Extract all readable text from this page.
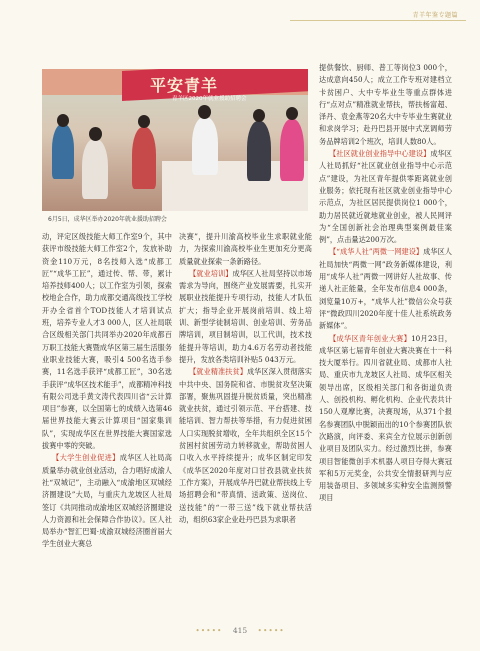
青羊年鉴专题篇
平安青羊
青羊区2020年就业援助招聘会
6月5日，成华区举办2020年就业援助招聘会

动，评定区级技能大师工作室9个，其中获评市级技能大师工作室2个，发放补助资金110万元，8名技师入选“成都工匠”“成华工匠”，通过传、帮、带，累计培养技师400人；以工作室为引领，探索校地企合作，助力成都交通高级技工学校开办全省首个TOD技能人才培训试点班，培养专业人才3 000人，区人社局联合区级相关部门共同举办2020年成都百万职工技能大赛暨成华区第三届生活服务业职业技能大赛，吸引4 500名选手参赛，11名选手获评“成都工匠”，30名选手获评“成华区技术能手”，成都精冲科技有限公司选手黄文涛代表四川省“云计算项目”参赛，以全国第七的成绩入选第46届世界技能大赛云计算项目“国家集训队”，实现成华区在世界技能大赛国家选拔赛中零的突破。

【大学生创业促进】成华区人社局高质量举办就业创业活动，合力唱好成渝人社“双城记”，主动融入“成渝地区双城经济圈建设”大局，与重庆九龙坡区人社局签订《共同推动成渝地区双城经济圈建设人力资源和社会保障合作协议》。区人社局举办“智汇巴蜀·成渝双城经济圈首届大学生创业大赛总

决赛”，提升川渝高校毕业生求职就业能力，为探索川渝高校毕业生更加充分更高质量就业探索一条新路径。

【就业培训】成华区人社局坚持以市场需求为导向，围绕产业发展需要，扎实开展职业技能提升专项行动，技能人才队伍扩大；指导企业开展岗前培训、线上培训、新型学徒制培训、创业培训、劳务品牌培训，项目制培训，以工代训，技术技能提升等培训，助力4.6万名劳动者技能提升，发放各类培训补贴5 043万元。

【就业精准扶贫】成华区深入贯彻落实中共中央、国务院和省、市脱贫攻坚决策部署，聚焦巩固提升脱贫质量，突出精准就业扶贫，通过引领示范、平台搭建、技能培训、智力帮扶等举措，有力促进贫困人口实现脱贫增收，全年共组织全区15个贫困村贫困劳动力转移就业，帮助贫困人口收入水平持续提升；成华区制定印发《成华区2020年度对口甘孜县就业扶贫工作方案》，开展成华丹巴就业帮扶线上专场招聘会和“带真情、送政策、送岗位、送技能”的“一带三送”线下就业帮扶活动，组织63家企业赴丹巴县为求职者

提供餐饮、厨师、普工等岗位3 000个，达成意向450人；成立工作专班对建档立卡贫困户、大中专毕业生等重点群体进行“点对点”精准就业帮扶，帮扶杨富超、泽丹、袁金燕等20名大中专毕业生赛就业和求岗学习；赴丹巴县开展中式烹调师劳务品牌培训2个班次，培训人数80人。

【社区就业创业指导中心建设】成华区人社局抓好“社区就业创业指导中心示范点”建设，为社区青年提供零距离就业创业服务；依托现有社区就业创业指导中心示范点，为社区居民提供岗位1 000个，助力居民就近就地就业创业，被人民网评为“全国创新社会治理典型案例最佳案例”，点击量达200万次。

【“成华人社”两微一网建设】成华区人社局加快“两微一网”政务新媒体建设，利用“成华人社”两微一网讲好人社故事、传递人社正能量，全年发布信息4 000条，浏览量10万+，“成华人社”微信公众号获评“微政四川2020年度十佳人社系统政务新媒体”。

【成华区青年创业大赛】10月23日，成华区第七届青年创业大赛决赛在十一科技大厦举行。四川省就业局、成都市人社局、重庆市九龙坡区人社局、成华区相关领导出席，区级相关部门和各街道负责人、创投机构、孵化机构、企业代表共计150人观摩比赛，决赛现场，从371个报名参赛团队中脱颖而出的10个参赛团队依次路演，向评委、来宾全方位展示创新创业项目及团队实力。经过激烈比拼，参赛项目智能微创手术机器人项目夺得大赛冠军和5万元奖金，公共安全情报研判与应用装备项目、多领域多实种安全监测预警项目

••••• 415 •••••
